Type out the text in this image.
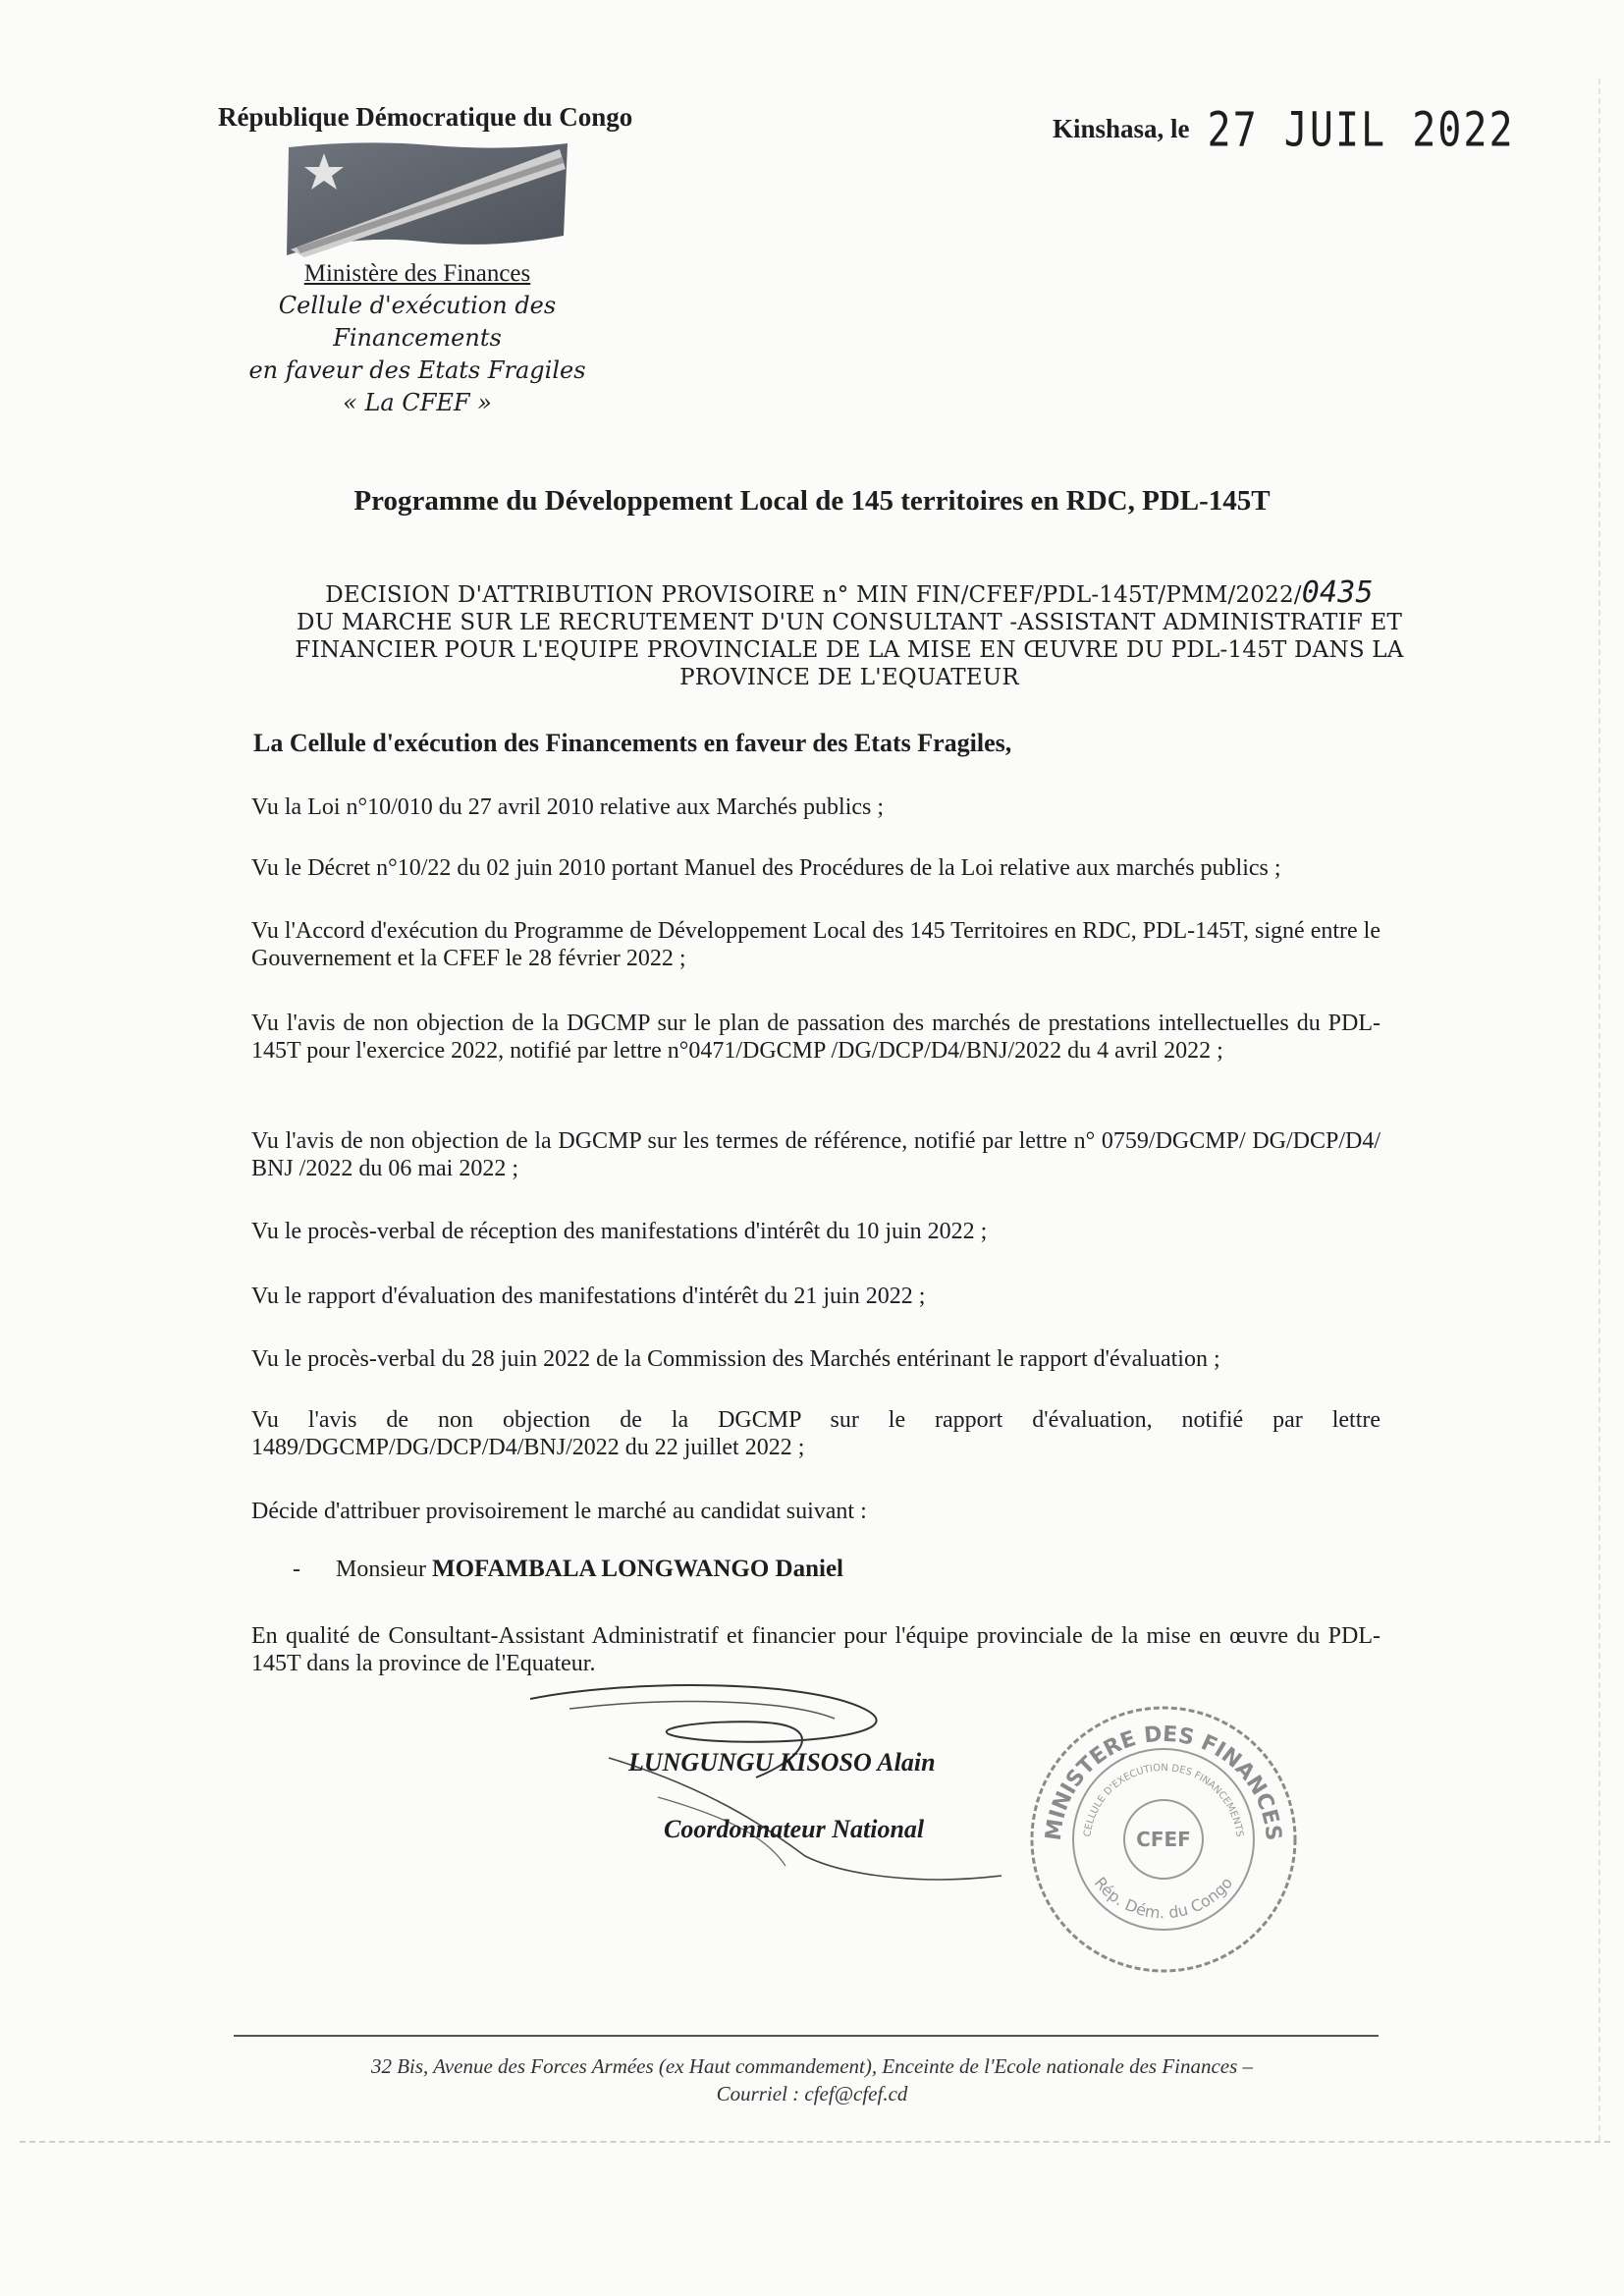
République Démocratique du Congo	Kinshasa, le 27 JUIL 2022
Ministère des Finances
Cellule d'exécution des Financements
en faveur des Etats Fragiles
« La CFEF »
Programme du Développement Local de 145 territoires en RDC, PDL-145T
DECISION D'ATTRIBUTION PROVISOIRE n° MIN FIN/CFEF/PDL-145T/PMM/2022/0435
DU MARCHE SUR LE RECRUTEMENT D'UN CONSULTANT -ASSISTANT ADMINISTRATIF ET
FINANCIER POUR L'EQUIPE PROVINCIALE DE LA MISE EN ŒUVRE DU PDL-145T DANS LA
PROVINCE DE L'EQUATEUR
La Cellule d'exécution des Financements en faveur des Etats Fragiles,
Vu la Loi n°10/010 du 27 avril 2010 relative aux Marchés publics ;
Vu le Décret n°10/22 du 02 juin 2010 portant Manuel des Procédures de la Loi relative aux marchés publics ;
Vu l'Accord d'exécution du Programme de Développement Local des 145 Territoires en RDC, PDL-145T, signé entre le Gouvernement et la CFEF le 28 février 2022 ;
Vu l'avis de non objection de la DGCMP sur le plan de passation des marchés de prestations intellectuelles du PDL-145T pour l'exercice 2022, notifié par lettre n°0471/DGCMP /DG/DCP/D4/BNJ/2022 du 4 avril 2022 ;
Vu l'avis de non objection de la DGCMP sur les termes de référence, notifié par lettre n° 0759/DGCMP/ DG/DCP/D4/ BNJ /2022 du 06 mai 2022 ;
Vu le procès-verbal de réception des manifestations d'intérêt du 10 juin 2022 ;
Vu le rapport d'évaluation des manifestations d'intérêt du 21 juin 2022 ;
Vu le procès-verbal du 28 juin 2022 de la Commission des Marchés entérinant le rapport d'évaluation ;
Vu l'avis de non objection de la DGCMP sur le rapport d'évaluation, notifié par lettre 1489/DGCMP/DG/DCP/D4/BNJ/2022 du 22 juillet 2022 ;
Décide d'attribuer provisoirement le marché au candidat suivant :
- Monsieur MOFAMBALA LONGWANGO Daniel
En qualité de Consultant-Assistant Administratif et financier pour l'équipe provinciale de la mise en œuvre du PDL-145T dans la province de l'Equateur.
LUNGUNGU KISOSO Alain
Coordonnateur National	MINISTERE DES FINANCES
CELLULE D'EXECUTION DES FINANCEMENTS
CFEF
Rép. Dém. du Congo
32 Bis, Avenue des Forces Armées (ex Haut commandement), Enceinte de l'Ecole nationale des Finances –
Courriel : cfef@cfef.cd
